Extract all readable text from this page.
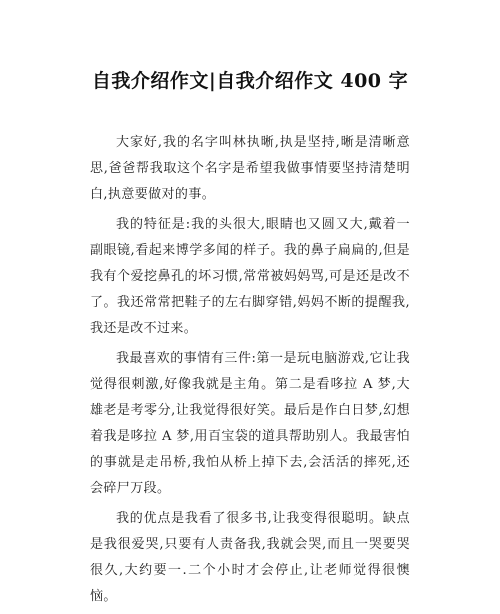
自我介绍作文|自我介绍作文 400 字

大家好,我的名字叫林执晰,执是坚持,晰是清晰意思,爸爸帮我取这个名字是希望我做事情要坚持清楚明白,执意要做对的事。

我的特征是:我的头很大,眼睛也又圆又大,戴着一副眼镜,看起来博学多闻的样子。我的鼻子扁扁的,但是我有个爱挖鼻孔的坏习惯,常常被妈妈骂,可是还是改不了。我还常常把鞋子的左右脚穿错,妈妈不断的提醒我,我还是改不过来。

我最喜欢的事情有三件:第一是玩电脑游戏,它让我觉得很刺激,好像我就是主角。第二是看哆拉 A 梦,大雄老是考零分,让我觉得很好笑。最后是作白日梦,幻想着我是哆拉 A 梦,用百宝袋的道具帮助别人。我最害怕的事就是走吊桥,我怕从桥上掉下去,会活活的摔死,还会碎尸万段。

我的优点是我看了很多书,让我变得很聪明。缺点是我很爱哭,只要有人责备我,我就会哭,而且一哭要哭很久,大约要一.二个小时才会停止,让老师觉得很懊恼。
